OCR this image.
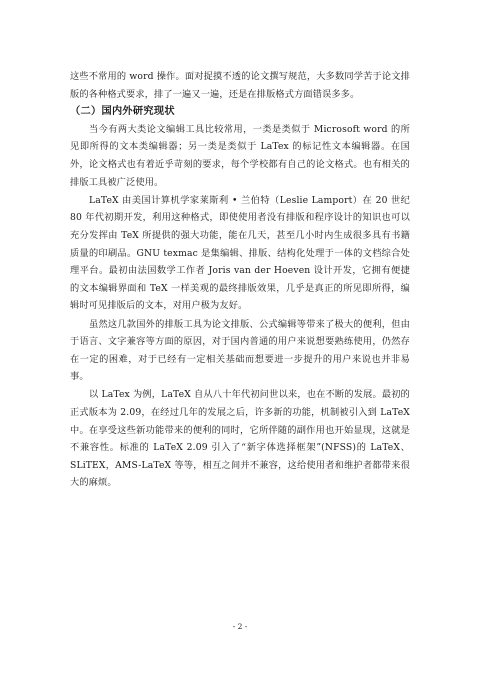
这些不常用的 word 操作。面对捉摸不透的论文撰写规范，大多数同学苦于论文排版的各种格式要求，排了一遍又一遍，还是在排版格式方面错误多多。

（二）国内外研究现状

当今有两大类论文编辑工具比较常用，一类是类似于 Microsoft word 的所见即所得的文本类编辑器；另一类是类似于 LaTex 的标记性文本编辑器。在国外，论文格式也有着近乎苛刻的要求，每个学校都有自己的论文格式。也有相关的排版工具被广泛使用。

LaTeX 由美国计算机学家莱斯利 • 兰伯特（Leslie Lamport）在 20 世纪 80 年代初期开发，利用这种格式，即使使用者没有排版和程序设计的知识也可以充分发挥由 TeX 所提供的强大功能，能在几天，甚至几小时内生成很多具有书籍质量的印刷品。GNU texmac 是集编辑、排版、结构化处理于一体的文档综合处理平台。最初由法国数学工作者 Joris van der Hoeven 设计开发，它拥有便捷的文本编辑界面和 TeX 一样美观的最终排版效果，几乎是真正的所见即所得，编辑时可见排版后的文本，对用户极为友好。

虽然这几款国外的排版工具为论文排版、公式编辑等带来了极大的便利，但由于语言、文字兼容等方面的原因，对于国内普通的用户来说想要熟练使用，仍然存在一定的困难，对于已经有一定相关基础而想要进一步提升的用户来说也并非易事。

以 LaTex 为例，LaTeX 自从八十年代初问世以来，也在不断的发展。最初的正式版本为 2.09，在经过几年的发展之后，许多新的功能，机制被引入到 LaTeX 中。在享受这些新功能带来的便利的同时，它所伴随的副作用也开始显现，这就是不兼容性。标准的 LaTeX 2.09 引入了“新字体选择框架”(NFSS)的 LaTeX、SLiTEX，AMS-LaTeX 等等，相互之间并不兼容，这给使用者和维护者都带来很大的麻烦。

- 2 -
